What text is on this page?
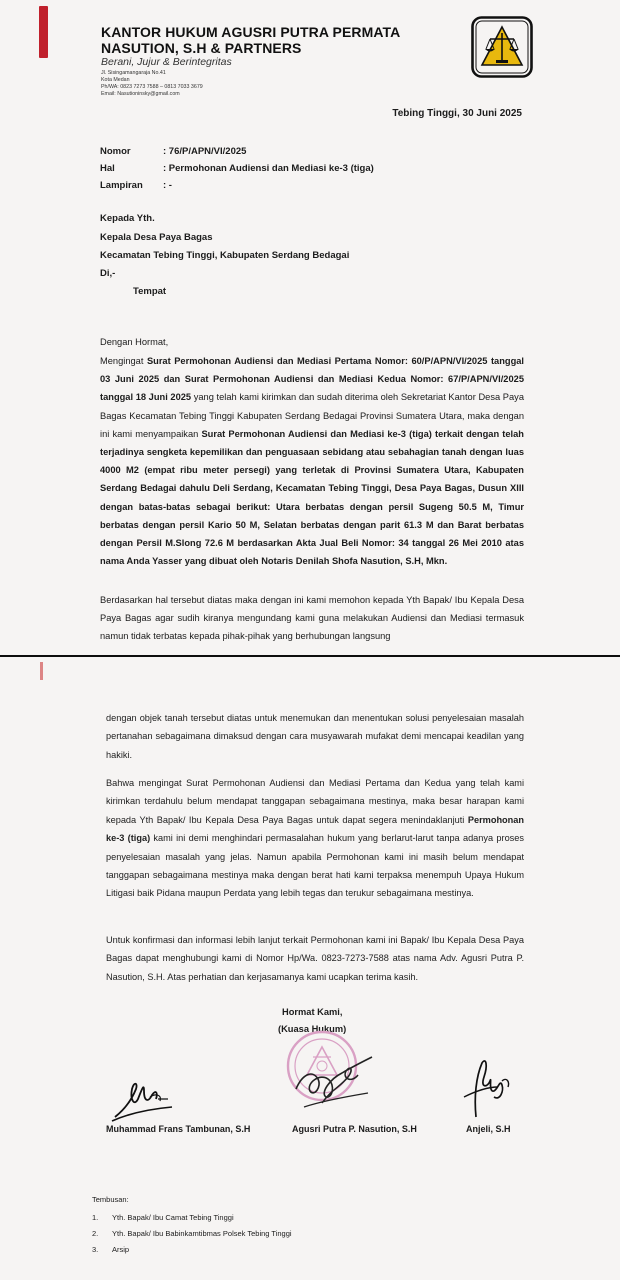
KANTOR HUKUM AGUSRI PUTRA PERMATA NASUTION, S.H & PARTNERS
Berani, Jujur & Berintegritas
Jl. Sisingamangaraja No.41
Kota Medan
Ph/WA: 0823 7273 7588 – 0813 7033 3679
Email: Nasutioninsky@gmail.com
Tebing Tinggi, 30 Juni 2025
Nomor	: 76/P/APN/VI/2025
Hal	: Permohonan Audiensi dan Mediasi ke-3 (tiga)
Lampiran : -
Kepada Yth.
Kepala Desa Paya Bagas
Kecamatan Tebing Tinggi, Kabupaten Serdang Bedagai
Di,-
Tempat
Dengan Hormat,
Mengingat Surat Permohonan Audiensi dan Mediasi Pertama Nomor: 60/P/APN/VI/2025 tanggal 03 Juni 2025 dan Surat Permohonan Audiensi dan Mediasi Kedua Nomor: 67/P/APN/VI/2025 tanggal 18 Juni 2025 yang telah kami kirimkan dan sudah diterima oleh Sekretariat Kantor Desa Paya Bagas Kecamatan Tebing Tinggi Kabupaten Serdang Bedagai Provinsi Sumatera Utara, maka dengan ini kami menyampaikan Surat Permohonan Audiensi dan Mediasi ke-3 (tiga) terkait dengan telah terjadinya sengketa kepemilikan dan penguasaan sebidang atau sebahagian tanah dengan luas 4000 M2 (empat ribu meter persegi) yang terletak di Provinsi Sumatera Utara, Kabupaten Serdang Bedagai dahulu Deli Serdang, Kecamatan Tebing Tinggi, Desa Paya Bagas, Dusun XIII dengan batas-batas sebagai berikut: Utara berbatas dengan persil Sugeng 50.5 M, Timur berbatas dengan persil Kario 50 M, Selatan berbatas dengan parit 61.3 M dan Barat berbatas dengan Persil M.Slong 72.6 M berdasarkan Akta Jual Beli Nomor: 34 tanggal 26 Mei 2010 atas nama Anda Yasser yang dibuat oleh Notaris Denilah Shofa Nasution, S.H, Mkn.
Berdasarkan hal tersebut diatas maka dengan ini kami memohon kepada Yth Bapak/ Ibu Kepala Desa Paya Bagas agar sudih kiranya mengundang kami guna melakukan Audiensi dan Mediasi termasuk namun tidak terbatas kepada pihak-pihak yang berhubungan langsung
dengan objek tanah tersebut diatas untuk menemukan dan menentukan solusi penyelesaian masalah pertanahan sebagaimana dimaksud dengan cara musyawarah mufakat demi mencapai keadilan yang hakiki.
Bahwa mengingat Surat Permohonan Audiensi dan Mediasi Pertama dan Kedua yang telah kami kirimkan terdahulu belum mendapat tanggapan sebagaimana mestinya, maka besar harapan kami kepada Yth Bapak/ Ibu Kepala Desa Paya Bagas untuk dapat segera menindaklanjuti Permohonan ke-3 (tiga) kami ini demi menghindari permasalahan hukum yang berlarut-larut tanpa adanya proses penyelesaian masalah yang jelas. Namun apabila Permohonan kami ini masih belum mendapat tanggapan sebagaimana mestinya maka dengan berat hati kami terpaksa menempuh Upaya Hukum Litigasi baik Pidana maupun Perdata yang lebih tegas dan terukur sebagaimana mestinya.
Untuk konfirmasi dan informasi lebih lanjut terkait Permohonan kami ini Bapak/ Ibu Kepala Desa Paya Bagas dapat menghubungi kami di Nomor Hp/Wa. 0823-7273-7588 atas nama Adv. Agusri Putra P. Nasution, S.H. Atas perhatian dan kerjasamanya kami ucapkan terima kasih.
Hormat Kami,
(Kuasa Hukum)
Muhammad Frans Tambunan, S.H	Agusri Putra P. Nasution, S.H	Anjeli, S.H
Tembusan:
1. Yth. Bapak/ Ibu Camat Tebing Tinggi
2. Yth. Bapak/ Ibu Babinkamtibmas Polsek Tebing Tinggi
3. Arsip
